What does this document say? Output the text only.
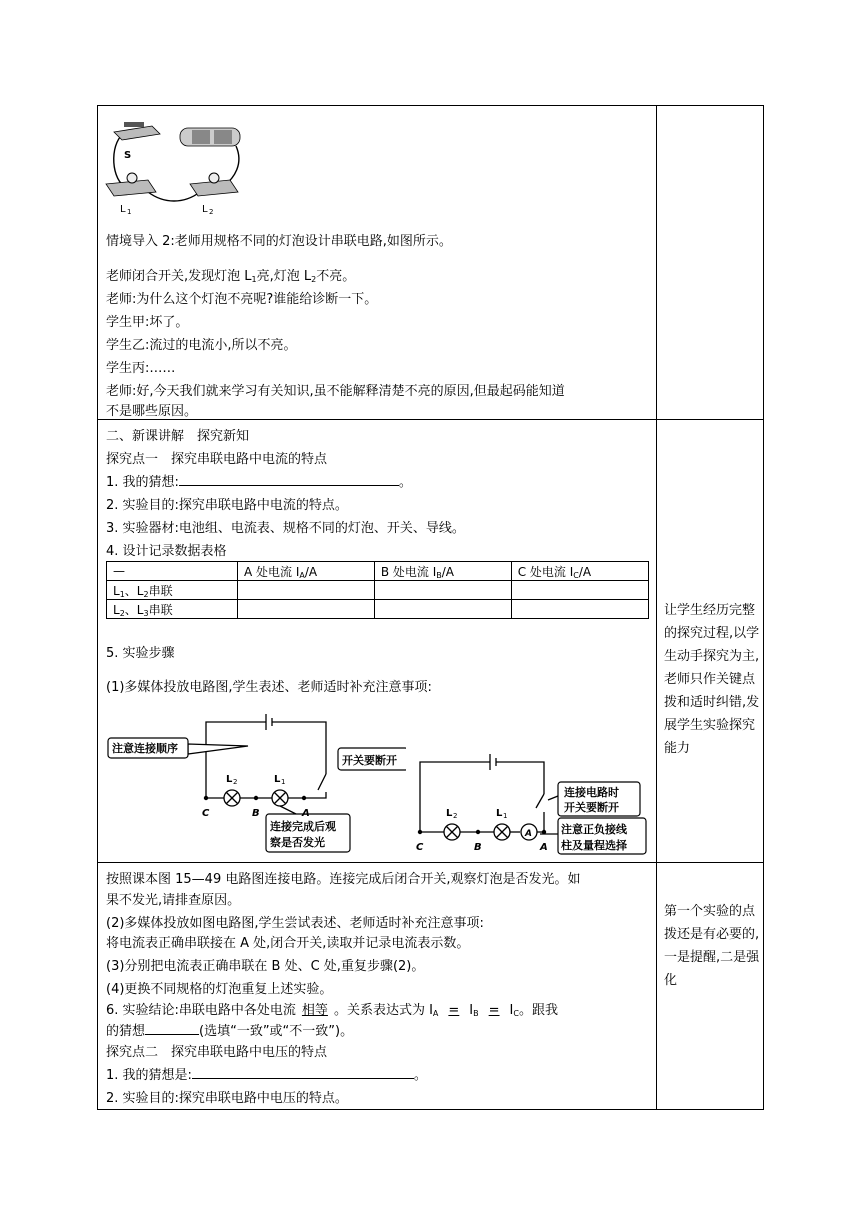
S
L 1	L 2
情境导入 2:老师用规格不同的灯泡设计串联电路,如图所示。
老师闭合开关,发现灯泡 $L_1$亮,灯泡 $L_2$不亮。
老师:为什么这个灯泡不亮呢?谁能给诊断一下。
学生甲:坏了。
学生乙:流过的电流小,所以不亮。
学生丙:……
老师:好,今天我们就来学习有关知识,虽不能解释清楚不亮的原因,但最起码能知道
不是哪些原因。
二、新课讲解　探究新知
探究点一　探究串联电路中电流的特点
1. 我的猜想:	。
2. 实验目的:探究串联电路中电流的特点。
3. 实验器材:电池组、电流表、规格不同的灯泡、开关、导线。
4. 设计记录数据表格
—	A 处电流 $I_A/A$	B 处电流 $I_B/A$	C 处电流 $I_C/A$
$L_1$、$L_2$串联			
$L_2$、$L_3$串联			
5. 实验步骤
(1)多媒体投放电路图,学生表述、老师适时补充注意事项:
注意连接顺序
开关要断开
连接完成后观
察是否发光
L 2	L 1
C	B	A
A
连接电路时
开关要断开
注意正负接线
柱及量程选择
L 2	L 1
C	B	A
让学生经历完整的探究过程,以学生动手探究为主,老师只作关键点拨和适时纠错,发展学生实验探究能力
按照课本图 15—49 电路图连接电路。连接完成后闭合开关,观察灯泡是否发光。如
果不发光,请排查原因。
(2)多媒体投放如图电路图,学生尝试表述、老师适时补充注意事项:
将电流表正确串联接在 A 处,闭合开关,读取并记录电流表示数。
(3)分别把电流表正确串联在 B 处、C 处,重复步骤(2)。
(4)更换不同规格的灯泡重复上述实验。
6. 实验结论:串联电路中各处电流 相等 。关系表达式为 $I_A = I_B = I_C$。跟我
的猜想	(选填“一致”或“不一致”)。
探究点二　探究串联电路中电压的特点
1. 我的猜想是:	。
2. 实验目的:探究串联电路中电压的特点。
第一个实验的点拨还是有必要的,一是提醒,二是强化
